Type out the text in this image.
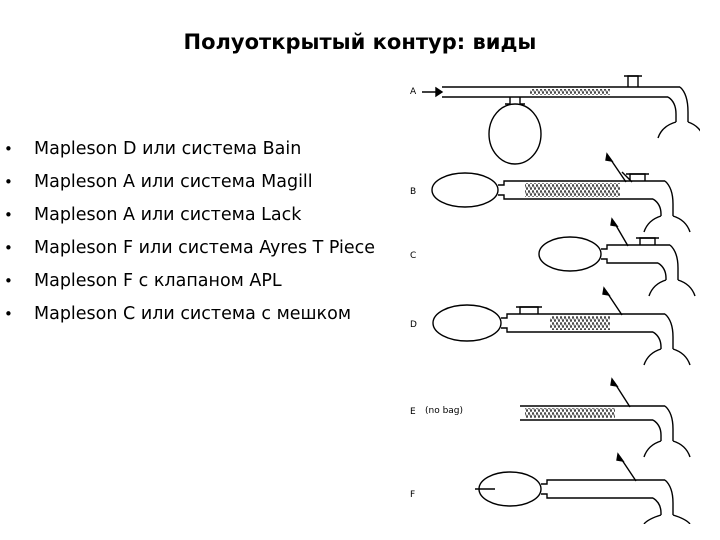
Полуоткрытый контур: виды
• Mapleson D или система Bain
• Mapleson A или система Magill
• Mapleson A или система Lack
• Mapleson F или система Ayres T Piece
• Mapleson F с клапаном APL
• Mapleson C или система с мешком
A
B
C
D
E (no bag)
F
